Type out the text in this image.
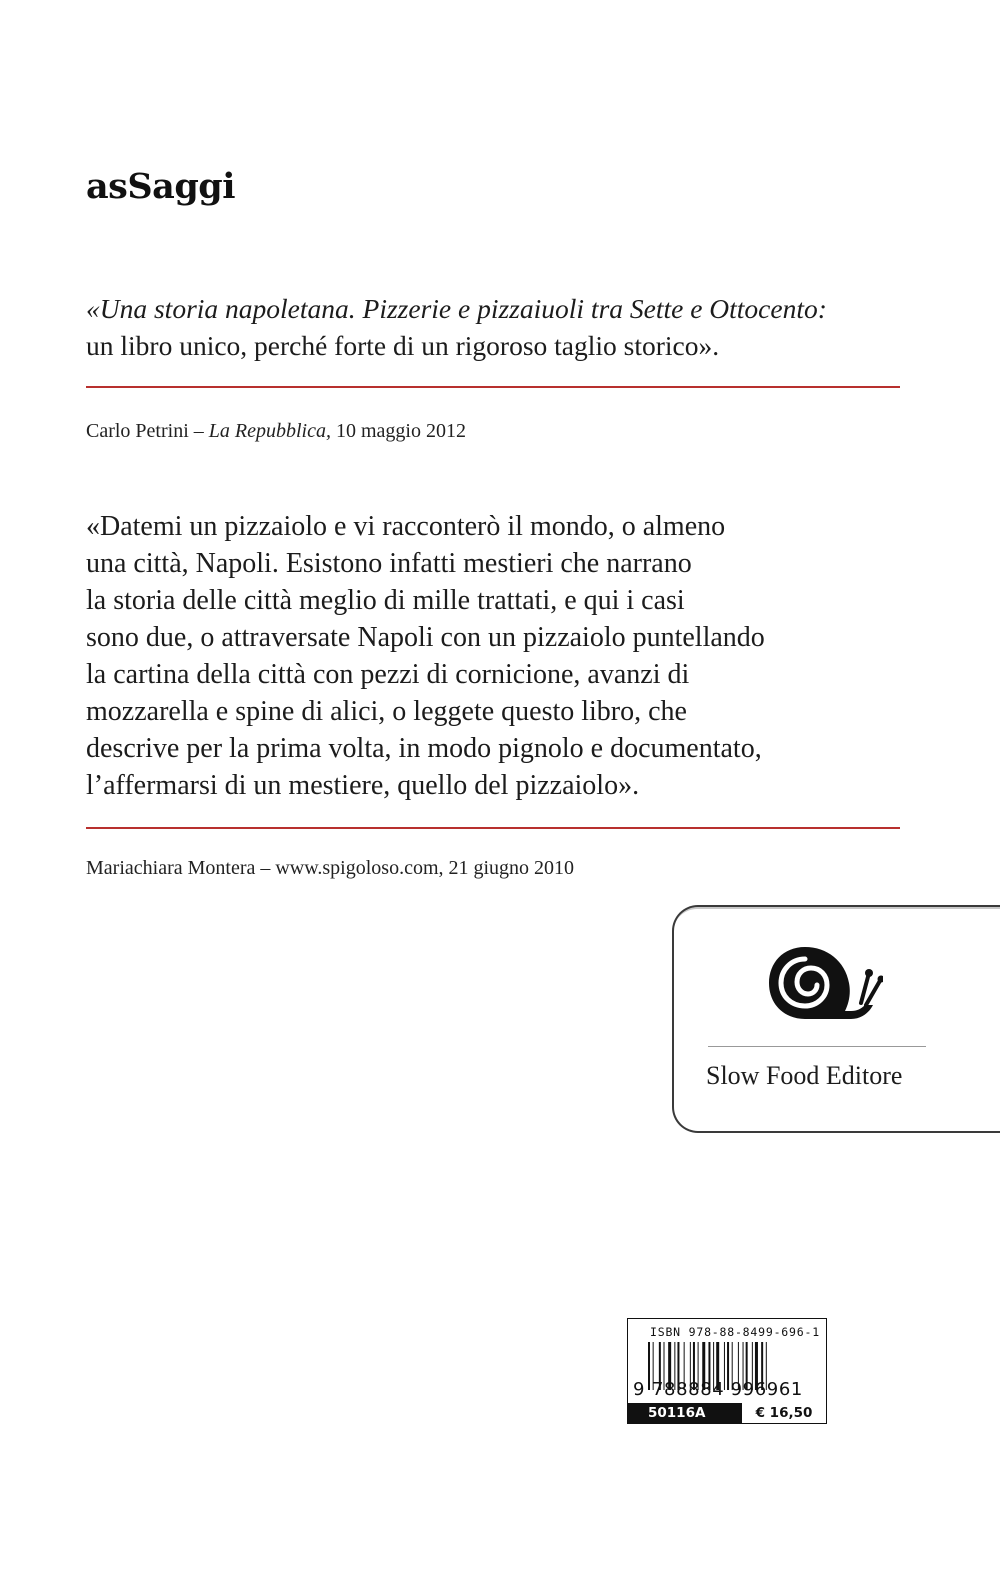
asSaggi
«Una storia napoletana. Pizzerie e pizzaiuoli tra Sette e Ottocento:
un libro unico, perché forte di un rigoroso taglio storico».
Carlo Petrini – La Repubblica, 10 maggio 2012
«Datemi un pizzaiolo e vi racconterò il mondo, o almeno
una città, Napoli. Esistono infatti mestieri che narrano
la storia delle città meglio di mille trattati, e qui i casi
sono due, o attraversate Napoli con un pizzaiolo puntellando
la cartina della città con pezzi di cornicione, avanzi di
mozzarella e spine di alici, o leggete questo libro, che
descrive per la prima volta, in modo pignolo e documentato,
l’affermarsi di un mestiere, quello del pizzaiolo».
Mariachiara Montera – www.spigoloso.com, 21 giugno 2010
Slow Food Editore
ISBN 978-88-8499-696-1
9 788884 996961
50116A	€ 16,50
